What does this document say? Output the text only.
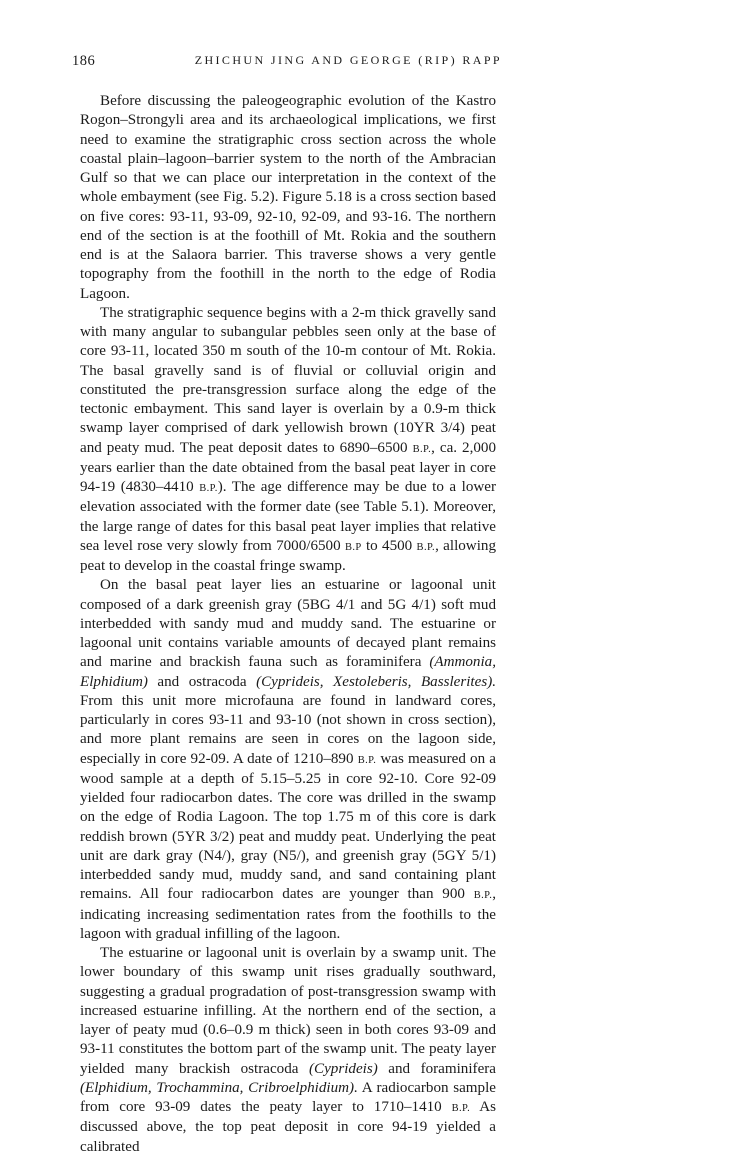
186	ZHICHUN JING AND GEORGE (RIP) RAPP

Before discussing the paleogeographic evolution of the Kastro Rogon–Strongyli area and its archaeological implications, we first need to examine the stratigraphic cross section across the whole coastal plain–lagoon–barrier system to the north of the Ambracian Gulf so that we can place our interpretation in the context of the whole embayment (see Fig. 5.2). Figure 5.18 is a cross section based on five cores: 93-11, 93-09, 92-10, 92-09, and 93-16. The northern end of the section is at the foothill of Mt. Rokia and the southern end is at the Salaora barrier. This traverse shows a very gentle topography from the foothill in the north to the edge of Rodia Lagoon.

The stratigraphic sequence begins with a 2-m thick gravelly sand with many angular to subangular pebbles seen only at the base of core 93-11, located 350 m south of the 10-m contour of Mt. Rokia. The basal gravelly sand is of fluvial or colluvial origin and constituted the pre-transgression surface along the edge of the tectonic embayment. This sand layer is overlain by a 0.9-m thick swamp layer comprised of dark yellowish brown (10YR 3/4) peat and peaty mud. The peat deposit dates to 6890–6500 B.P., ca. 2,000 years earlier than the date obtained from the basal peat layer in core 94-19 (4830–4410 B.P.). The age difference may be due to a lower elevation associated with the former date (see Table 5.1). Moreover, the large range of dates for this basal peat layer implies that relative sea level rose very slowly from 7000/6500 B.P to 4500 B.P., allowing peat to develop in the coastal fringe swamp.

On the basal peat layer lies an estuarine or lagoonal unit composed of a dark greenish gray (5BG 4/1 and 5G 4/1) soft mud interbedded with sandy mud and muddy sand. The estuarine or lagoonal unit contains variable amounts of decayed plant remains and marine and brackish fauna such as foraminifera (Ammonia, Elphidium) and ostracoda (Cyprideis, Xestoleberis, Basslerites). From this unit more microfauna are found in landward cores, particularly in cores 93-11 and 93-10 (not shown in cross section), and more plant remains are seen in cores on the lagoon side, especially in core 92-09. A date of 1210–890 B.P. was measured on a wood sample at a depth of 5.15–5.25 in core 92-10. Core 92-09 yielded four radiocarbon dates. The core was drilled in the swamp on the edge of Rodia Lagoon. The top 1.75 m of this core is dark reddish brown (5YR 3/2) peat and muddy peat. Underlying the peat unit are dark gray (N4/), gray (N5/), and greenish gray (5GY 5/1) interbedded sandy mud, muddy sand, and sand containing plant remains. All four radiocarbon dates are younger than 900 B.P., indicating increasing sedimentation rates from the foothills to the lagoon with gradual infilling of the lagoon.

The estuarine or lagoonal unit is overlain by a swamp unit. The lower boundary of this swamp unit rises gradually southward, suggesting a gradual progradation of post-transgression swamp with increased estuarine infilling. At the northern end of the section, a layer of peaty mud (0.6–0.9 m thick) seen in both cores 93-09 and 93-11 constitutes the bottom part of the swamp unit. The peaty layer yielded many brackish ostracoda (Cyprideis) and foraminifera (Elphidium, Trochammina, Cribroelphidium). A radiocarbon sample from core 93-09 dates the peaty layer to 1710–1410 B.P. As discussed above, the top peat deposit in core 94-19 yielded a calibrated
